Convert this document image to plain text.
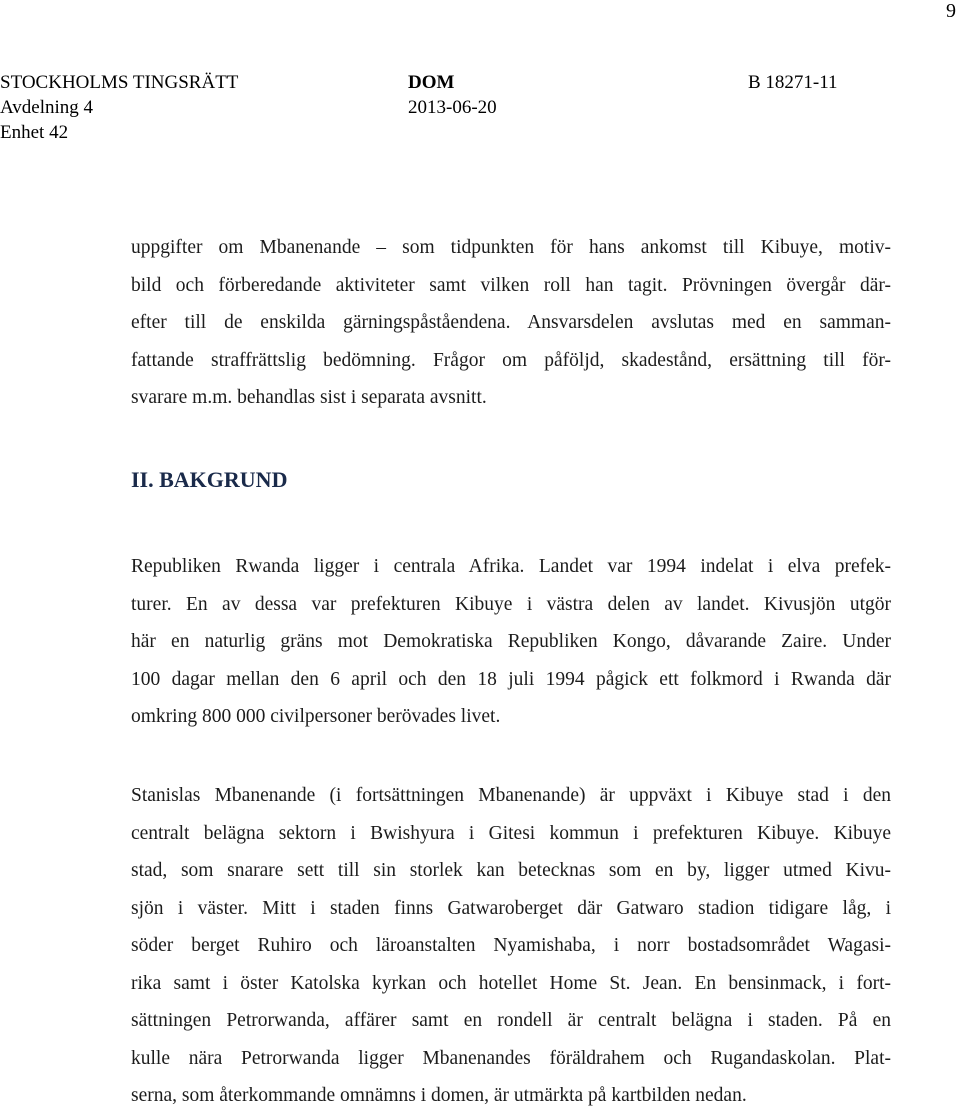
9
STOCKHOLMS TINGSRÄTT
Avdelning 4
Enhet 42
DOM
2013-06-20
B 18271-11
uppgifter om Mbanenande – som tidpunkten för hans ankomst till Kibuye, motiv-
bild och förberedande aktiviteter samt vilken roll han tagit. Prövningen övergår där-
efter till de enskilda gärningspåståendena. Ansvarsdelen avslutas med en samman-
fattande straffrättslig bedömning. Frågor om påföljd, skadestånd, ersättning till för-
svarare m.m. behandlas sist i separata avsnitt.
II. BAKGRUND
Republiken Rwanda ligger i centrala Afrika. Landet var 1994 indelat i elva prefek-
turer. En av dessa var prefekturen Kibuye i västra delen av landet. Kivusjön utgör
här en naturlig gräns mot Demokratiska Republiken Kongo, dåvarande Zaire. Under
100 dagar mellan den 6 april och den 18 juli 1994 pågick ett folkmord i Rwanda där
omkring 800 000 civilpersoner berövades livet.
Stanislas Mbanenande (i fortsättningen Mbanenande) är uppväxt i Kibuye stad i den
centralt belägna sektorn i Bwishyura i Gitesi kommun i prefekturen Kibuye. Kibuye
stad, som snarare sett till sin storlek kan betecknas som en by, ligger utmed Kivu-
sjön i väster. Mitt i staden finns Gatwaroberget där Gatwaro stadion tidigare låg, i
söder berget Ruhiro och läroanstalten Nyamishaba, i norr bostadsområdet Wagasi-
rika samt i öster Katolska kyrkan och hotellet Home St. Jean. En bensinmack, i fort-
sättningen Petrorwanda, affärer samt en rondell är centralt belägna i staden. På en
kulle nära Petrorwanda ligger Mbanenandes föräldrahem och Rugandaskolan. Plat-
serna, som återkommande omnämns i domen, är utmärkta på kartbilden nedan.
